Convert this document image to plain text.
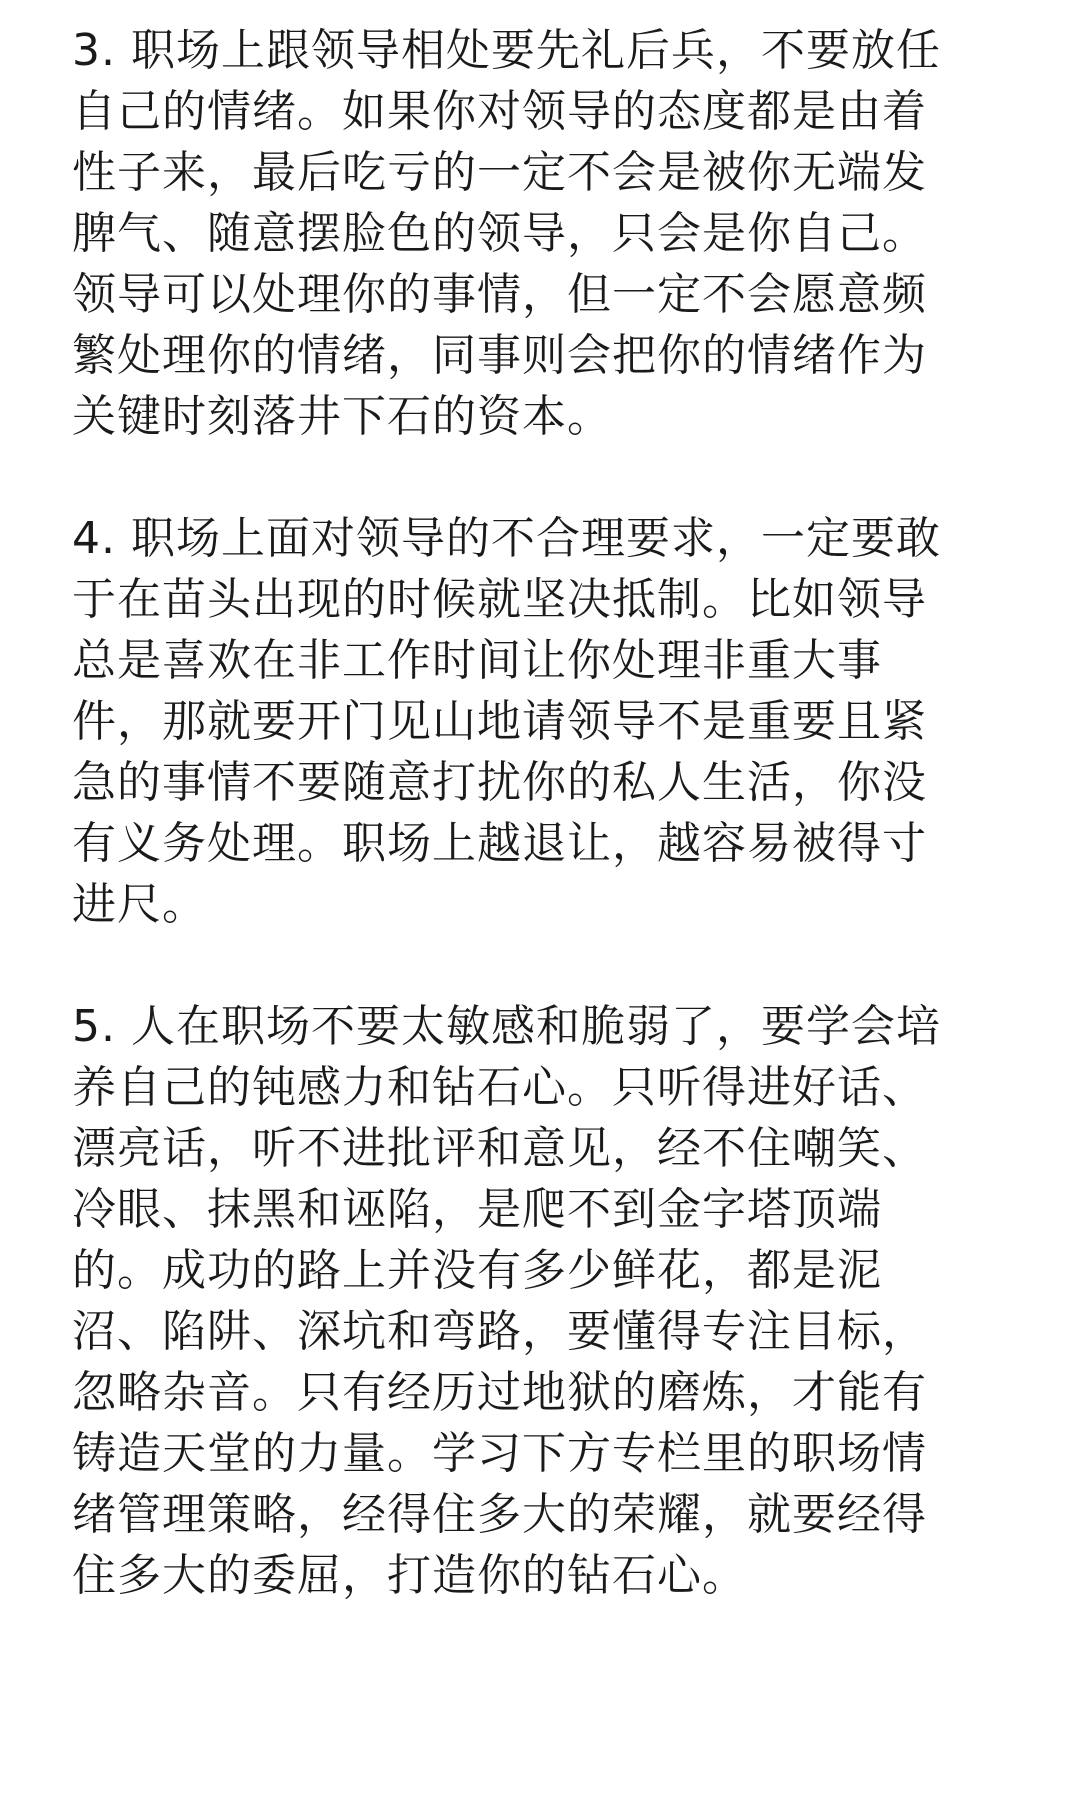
3. 职场上跟领导相处要先礼后兵，不要放任
自己的情绪。如果你对领导的态度都是由着
性子来，最后吃亏的一定不会是被你无端发
脾气、随意摆脸色的领导，只会是你自己。
领导可以处理你的事情，但一定不会愿意频
繁处理你的情绪，同事则会把你的情绪作为
关键时刻落井下石的资本。

4. 职场上面对领导的不合理要求，一定要敢
于在苗头出现的时候就坚决抵制。比如领导
总是喜欢在非工作时间让你处理非重大事
件，那就要开门见山地请领导不是重要且紧
急的事情不要随意打扰你的私人生活，你没
有义务处理。职场上越退让，越容易被得寸
进尺。

5. 人在职场不要太敏感和脆弱了，要学会培
养自己的钝感力和钻石心。只听得进好话、
漂亮话，听不进批评和意见，经不住嘲笑、
冷眼、抹黑和诬陷，是爬不到金字塔顶端
的。成功的路上并没有多少鲜花，都是泥
沼、陷阱、深坑和弯路，要懂得专注目标，
忽略杂音。只有经历过地狱的磨炼，才能有
铸造天堂的力量。学习下方专栏里的职场情
绪管理策略，经得住多大的荣耀，就要经得
住多大的委屈，打造你的钻石心。
